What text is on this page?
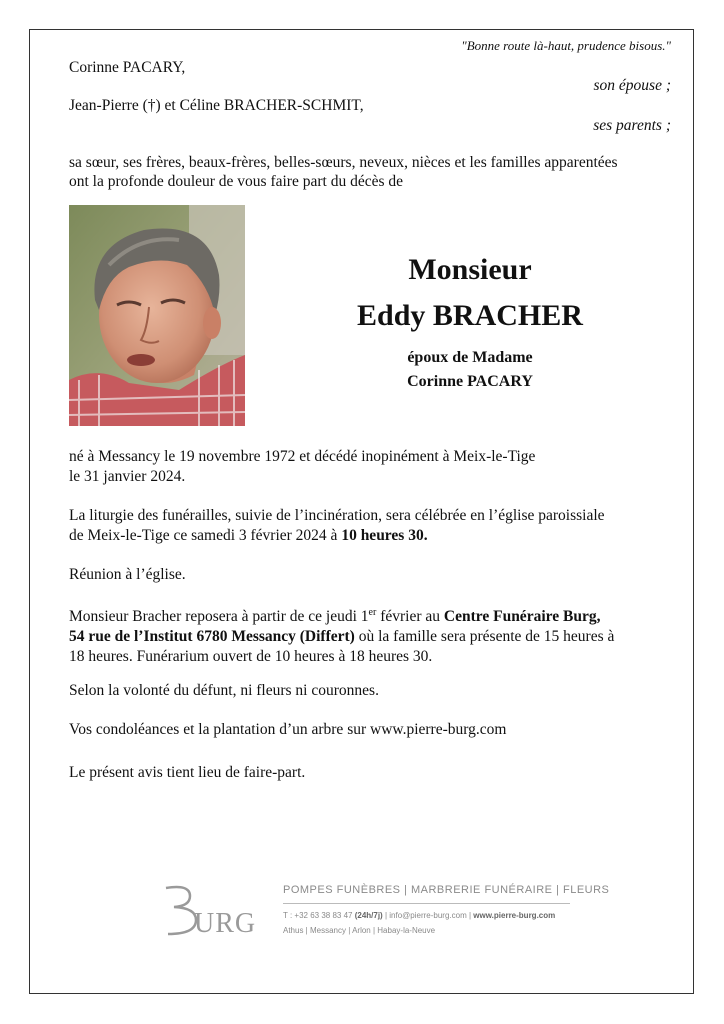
"Bonne route là-haut, prudence bisous."
Corinne PACARY,
son épouse ;
Jean-Pierre (†) et Céline BRACHER-SCHMIT,
ses parents ;
sa sœur, ses frères, beaux-frères, belles-sœurs, neveux, nièces et les familles apparentées
ont la profonde douleur de vous faire part du décès de
Monsieur
Eddy BRACHER
époux de Madame
Corinne PACARY
né à Messancy le 19 novembre 1972 et décédé inopinément à Meix-le-Tige
le 31 janvier 2024.
La liturgie des funérailles, suivie de l’incinération, sera célébrée en l’église paroissiale
de Meix-le-Tige ce samedi 3 février 2024 à 10 heures 30.
Réunion à l’église.
Monsieur Bracher reposera à partir de ce jeudi 1er février au Centre Funéraire Burg,
54 rue de l’Institut 6780 Messancy (Differt) où la famille sera présente de 15 heures à
18 heures. Funérarium ouvert de 10 heures à 18 heures 30.
Selon la volonté du défunt, ni fleurs ni couronnes.
Vos condoléances et la plantation d’un arbre sur www.pierre-burg.com
Le présent avis tient lieu de faire-part.
URG
POMPES FUNÈBRES | MARBRERIE FUNÉRAIRE | FLEURS
T : +32 63 38 83 47 (24h/7j) | info@pierre-burg.com | www.pierre-burg.com
Athus | Messancy | Arlon | Habay-la-Neuve
